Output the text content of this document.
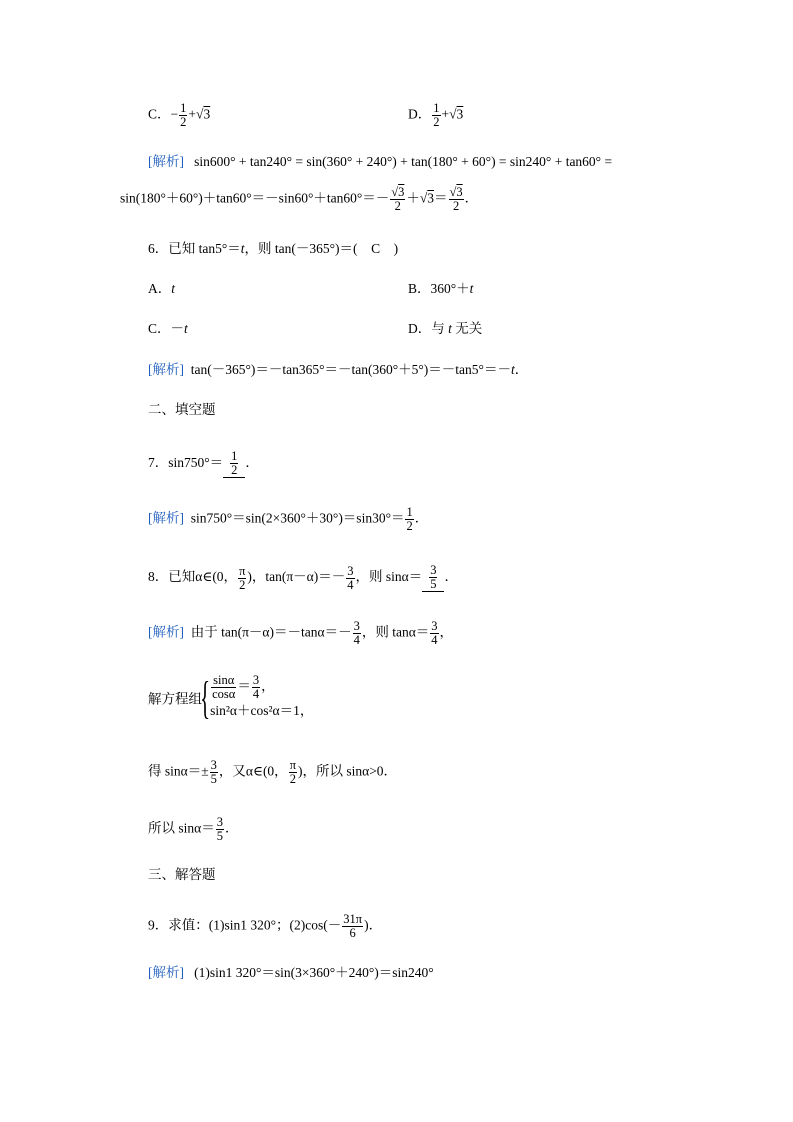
C．− $\frac{1}{2} +√3$	D． $\frac{1}{2} +√3$
[解析] sin600° + tan240° = sin(360° + 240°) + tan(180° + 60°) = sin240° + tan60° =
$\sin(180^\circ+60^\circ)+\tan 60^\circ=-\sin 60^\circ+\tan 60^\circ=- \frac{√3}{2} +√3= \frac{√3}{2}$ ．
6．已知 tan5°＝t，则 tan(－365°)＝(　C　)
A．t	B．360°＋t
C．－t	D．与 t 无关
[解析] tan(－365°)＝－tan365°＝－tan(360°＋5°)＝－tan5°＝－t．
二、填空题
7．$\sin 750^\circ= \frac{1}{2}$ ．
[解析] $\sin 750^\circ=\sin(2\times 360^\circ+30^\circ)=\sin 30^\circ= \frac{1}{2}$ ．
8．已知α∈(0， $\frac{\pi}{2}$ )，$\tan(\pi-\alpha)=- \frac{3}{4}$ ，则 $\sin\alpha= \frac{3}{5}$ ．
[解析] 由于 $\tan(\pi-\alpha)=-\tan\alpha=- \frac{3}{4}$ ，则 $\tan\alpha= \frac{3}{4}$ ，
解方程组{ $\frac{\sin\alpha}{\cos\alpha} = \frac{3}{4}$ ，
sin²α＋cos²α＝1，
得 $\sin\alpha=\pm \frac{3}{5}$ ，又α∈(0， $\frac{\pi}{2}$ )，所以 sinα>0．
所以 $\sin\alpha= \frac{3}{5}$ ．
三、解答题
9．求值：(1)sin1 320°；$(2)\cos(- \frac{31\pi}{6}$ )．
[解析] (1)sin1 320°＝sin(3×360°＋240°)＝sin240°
